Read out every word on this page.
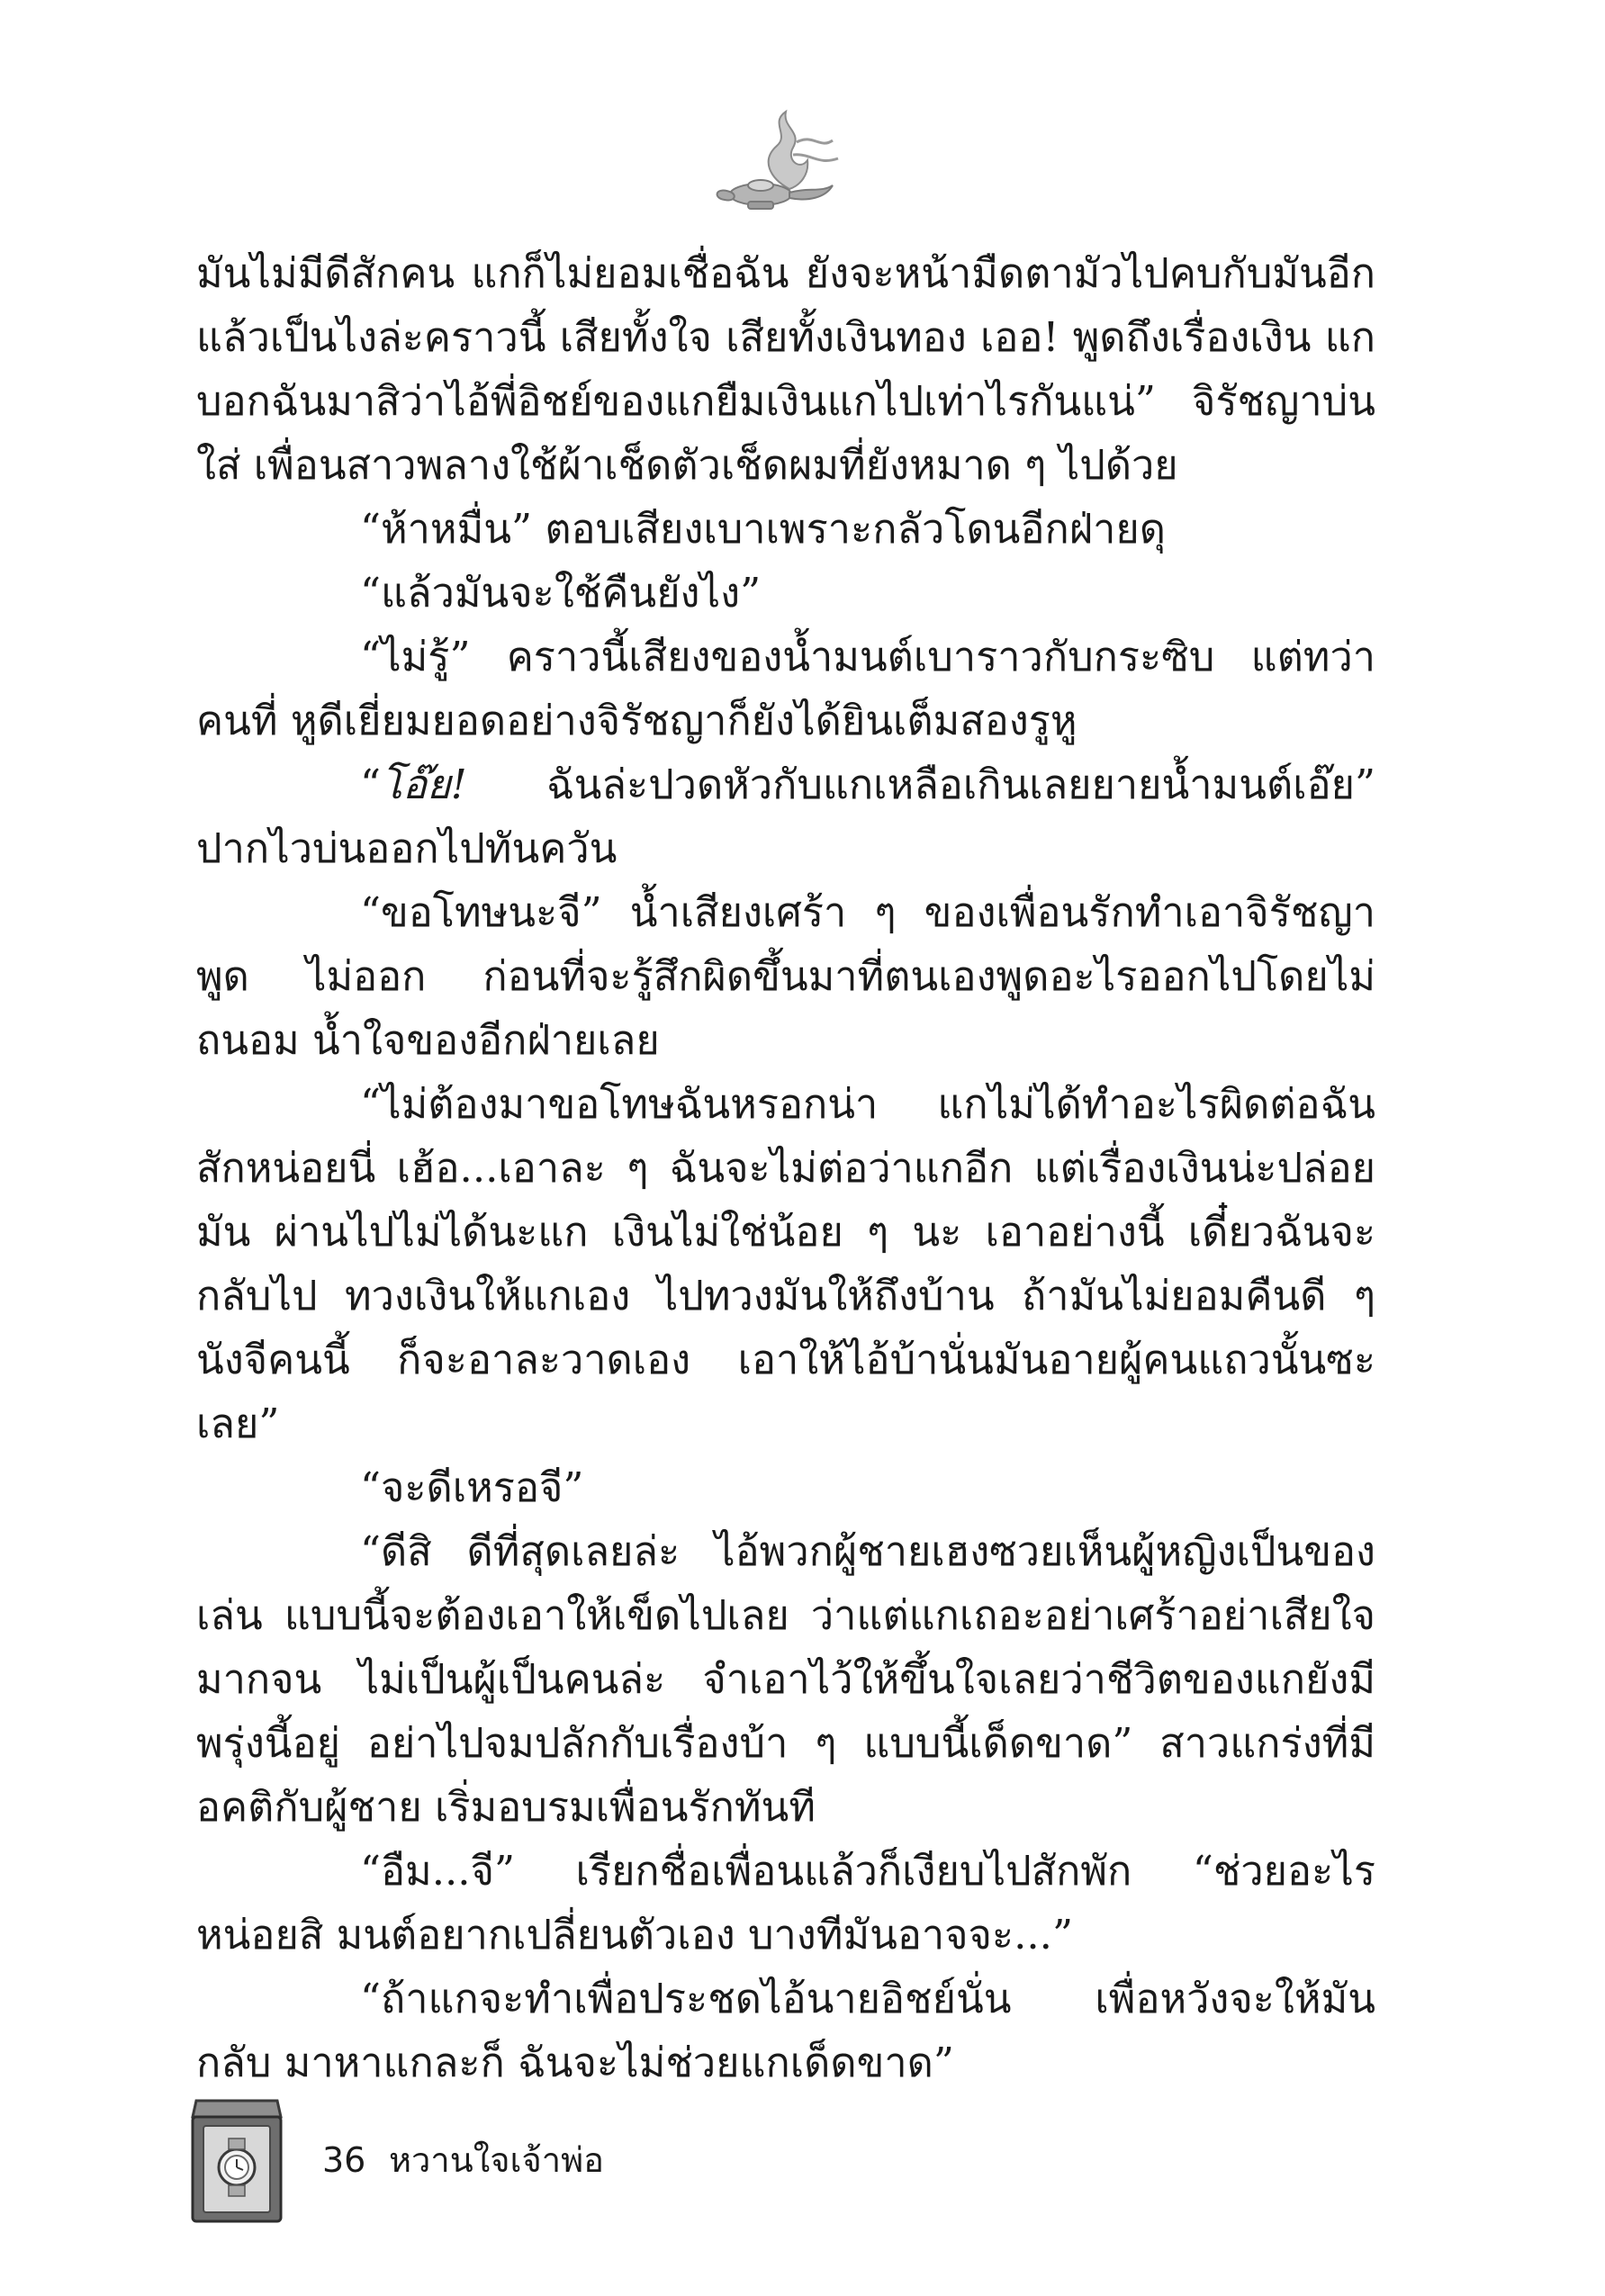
มันไม่มีดีสักคน แกก็ไม่ยอมเชื่อฉัน ยังจะหน้ามืดตามัวไปคบกับมันอีก แล้วเป็นไงล่ะคราวนี้ เสียทั้งใจ เสียทั้งเงินทอง เออ! พูดถึงเรื่องเงิน แก บอกฉันมาสิว่าไอ้พี่อิชย์ของแกยืมเงินแกไปเท่าไรกันแน่” จิรัชญาบ่นใส่ เพื่อนสาวพลางใช้ผ้าเช็ดตัวเช็ดผมที่ยังหมาด ๆ ไปด้วย

“ห้าหมื่น” ตอบเสียงเบาเพราะกลัวโดนอีกฝ่ายดุ

“แล้วมันจะใช้คืนยังไง”

“ไม่รู้” คราวนี้เสียงของน้ำมนต์เบาราวกับกระซิบ แต่ทว่าคนที่ หูดีเยี่ยมยอดอย่างจิรัชญาก็ยังได้ยินเต็มสองรูหู

“โอ๊ย! ฉันล่ะปวดหัวกับแกเหลือเกินเลยยายน้ำมนต์เอ๊ย” ปากไวบ่นออกไปทันควัน

“ขอโทษนะจี” น้ำเสียงเศร้า ๆ ของเพื่อนรักทำเอาจิรัชญาพูด ไม่ออก ก่อนที่จะรู้สึกผิดขึ้นมาที่ตนเองพูดอะไรออกไปโดยไม่ถนอม น้ำใจของอีกฝ่ายเลย

“ไม่ต้องมาขอโทษฉันหรอกน่า แกไม่ได้ทำอะไรผิดต่อฉัน สักหน่อยนี่ เฮ้อ...เอาละ ๆ ฉันจะไม่ต่อว่าแกอีก แต่เรื่องเงินน่ะปล่อยมัน ผ่านไปไม่ได้นะแก เงินไม่ใช่น้อย ๆ นะ เอาอย่างนี้ เดี๋ยวฉันจะกลับไป ทวงเงินให้แกเอง ไปทวงมันให้ถึงบ้าน ถ้ามันไม่ยอมคืนดี ๆ นังจีคนนี้ ก็จะอาละวาดเอง เอาให้ไอ้บ้านั่นมันอายผู้คนแถวนั้นซะเลย”

“จะดีเหรอจี”

“ดีสิ ดีที่สุดเลยล่ะ ไอ้พวกผู้ชายเฮงซวยเห็นผู้หญิงเป็นของเล่น แบบนี้จะต้องเอาให้เข็ดไปเลย ว่าแต่แกเถอะอย่าเศร้าอย่าเสียใจมากจน ไม่เป็นผู้เป็นคนล่ะ จำเอาไว้ให้ขึ้นใจเลยว่าชีวิตของแกยังมีพรุ่งนี้อยู่ อย่าไปจมปลักกับเรื่องบ้า ๆ แบบนี้เด็ดขาด” สาวแกร่งที่มีอคติกับผู้ชาย เริ่มอบรมเพื่อนรักทันที

“อืม...จี” เรียกชื่อเพื่อนแล้วก็เงียบไปสักพัก “ช่วยอะไรหน่อยสิ มนต์อยากเปลี่ยนตัวเอง บางทีมันอาจจะ...”

“ถ้าแกจะทำเพื่อประชดไอ้นายอิชย์นั่น เพื่อหวังจะให้มันกลับ มาหาแกละก็ ฉันจะไม่ช่วยแกเด็ดขาด”

36 หวานใจเจ้าพ่อ
